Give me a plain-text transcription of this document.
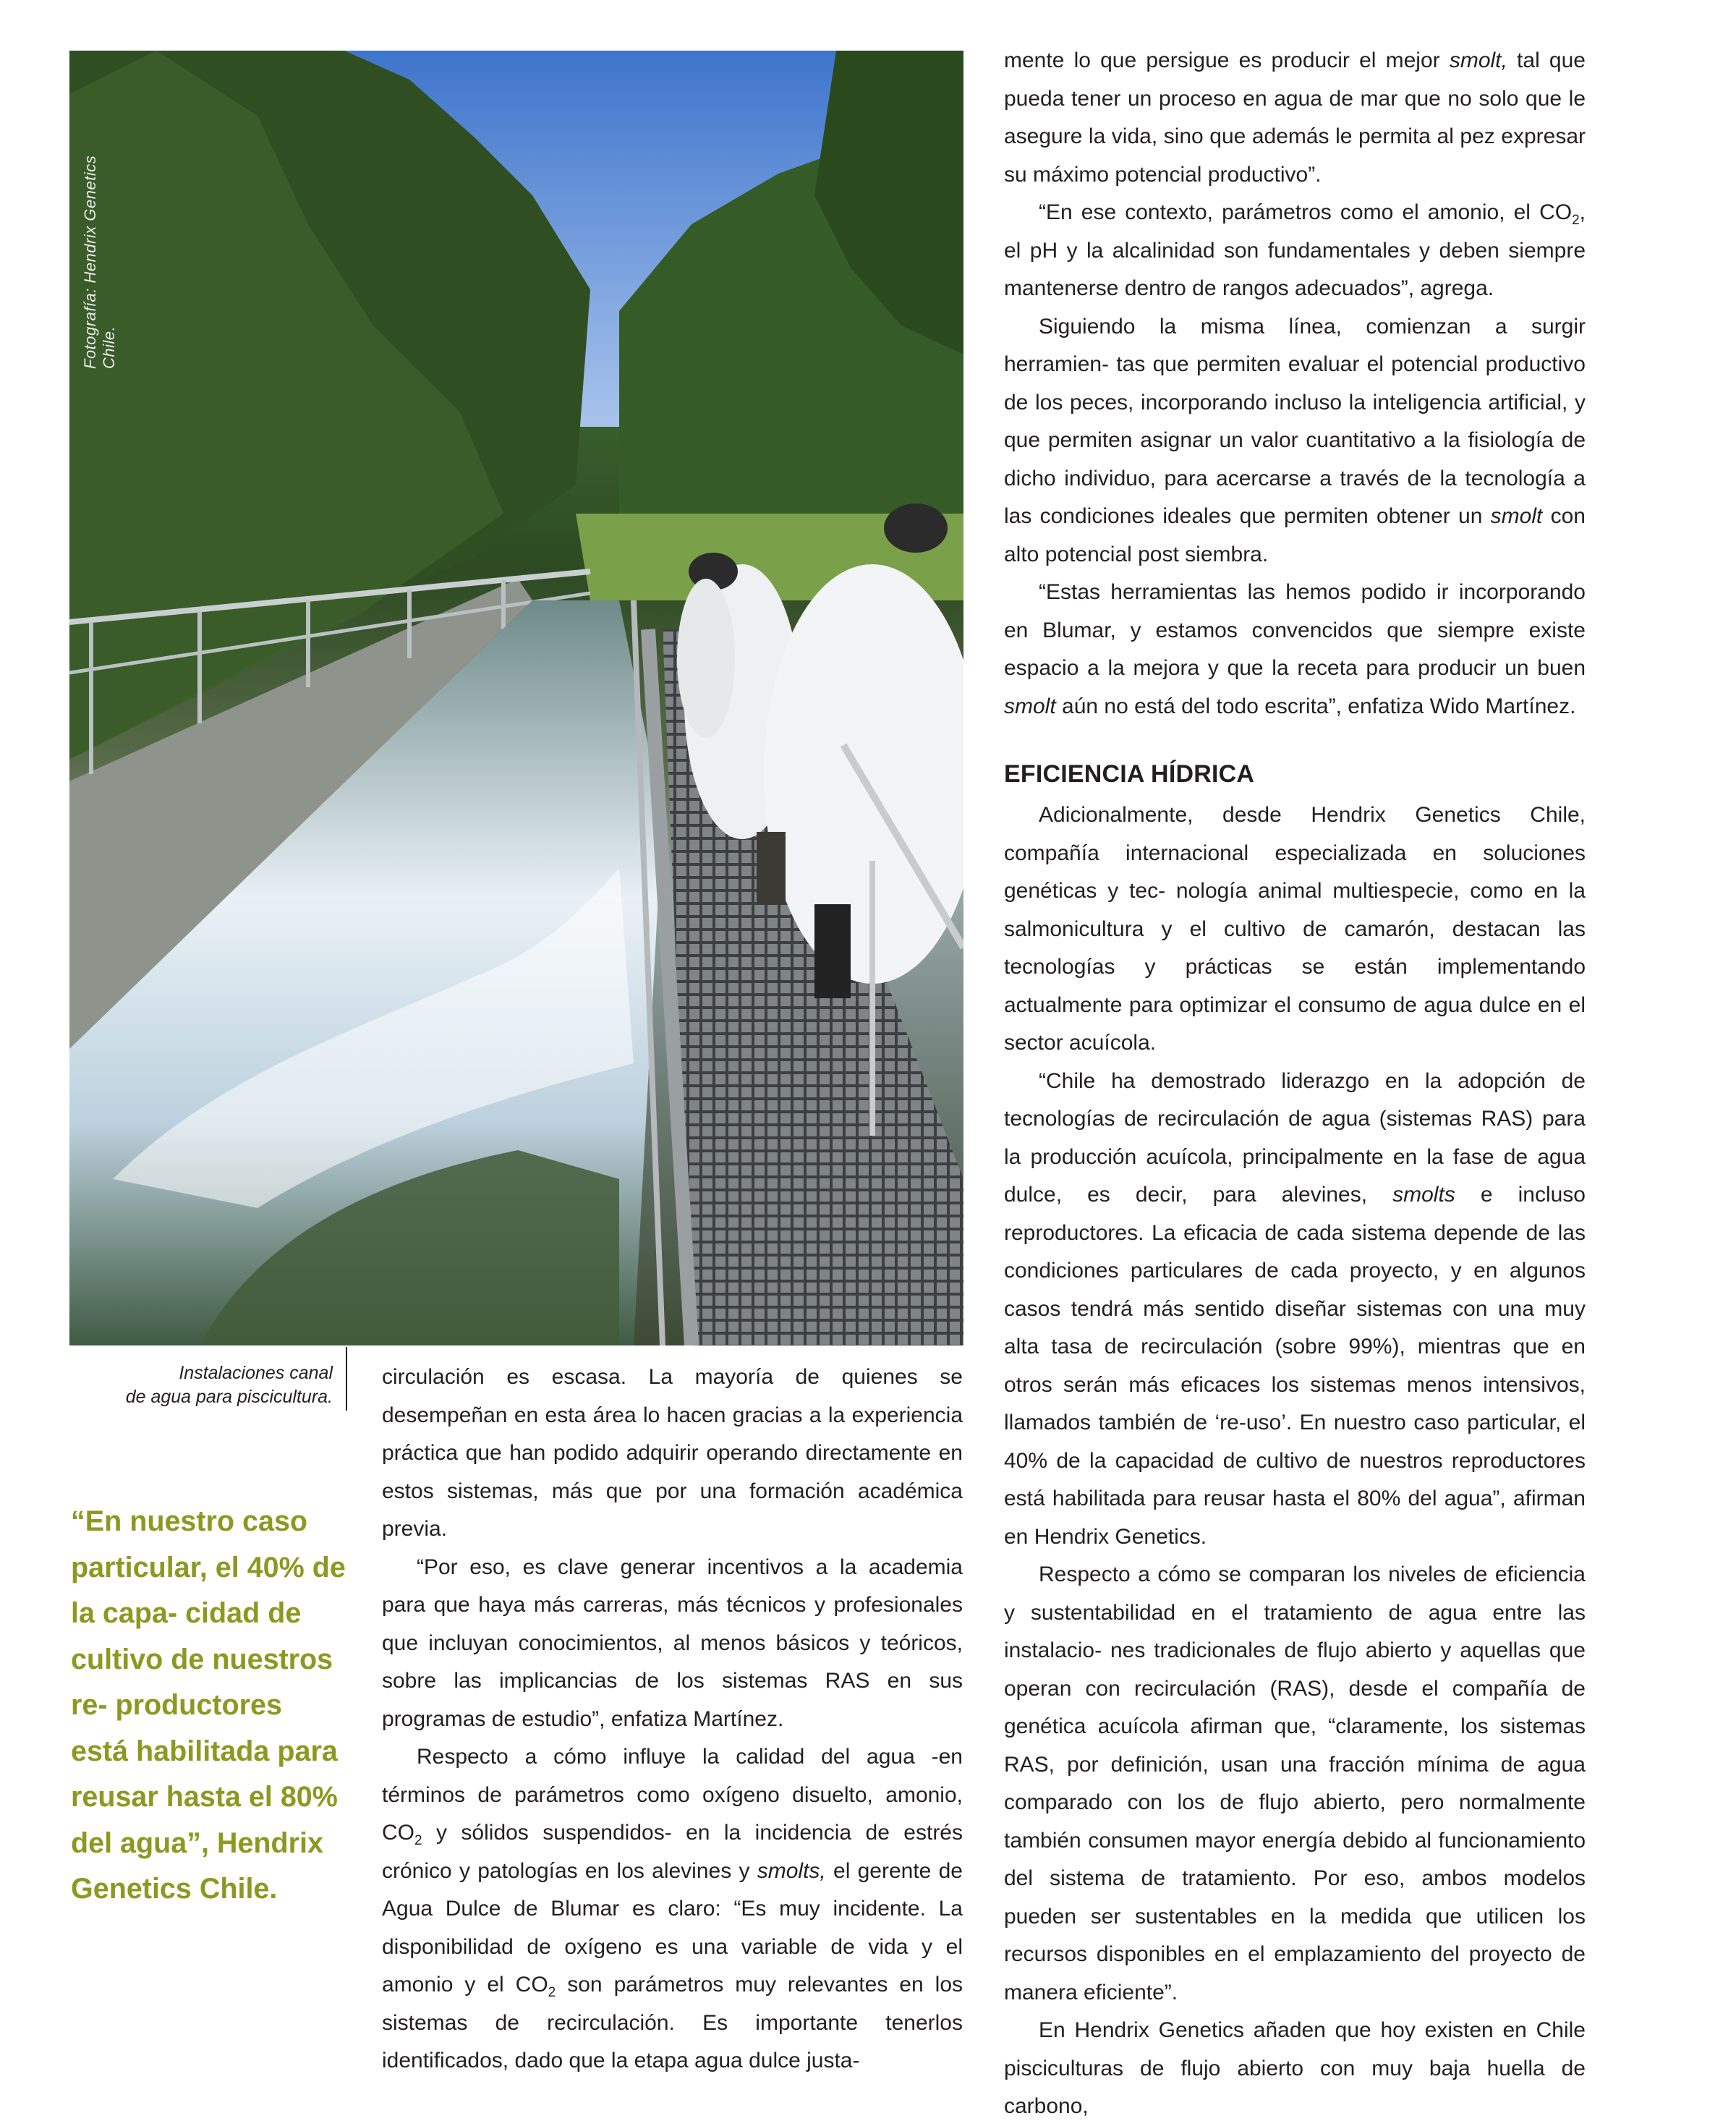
Fotografía: Hendrix Genetics Chile.
Instalaciones canal
de agua para piscicultura.
“En nuestro caso particular, el 40% de la capa- cidad de cultivo de nuestros re- productores está habilitada para reusar hasta el 80% del agua”, Hendrix Genetics Chile.

circulación es escasa. La mayoría de quienes se desempeñan en esta área lo hacen gracias a la experiencia práctica que han podido adquirir operando directamente en estos sistemas, más que por una formación académica previa.

“Por eso, es clave generar incentivos a la academia para que haya más carreras, más técnicos y profesionales que incluyan conocimientos, al menos básicos y teóricos, sobre las implicancias de los sistemas RAS en sus programas de estudio”, enfatiza Martínez.

Respecto a cómo influye la calidad del agua -en términos de parámetros como oxígeno disuelto, amonio, $CO_2$ y sólidos suspendidos- en la incidencia de estrés crónico y patologías en los alevines y smolts, el gerente de Agua Dulce de Blumar es claro: “Es muy incidente. La disponibilidad de oxígeno es una variable de vida y el amonio y el $CO_2$ son parámetros muy relevantes en los sistemas de recirculación. Es importante tenerlos identificados, dado que la etapa agua dulce justa-

mente lo que persigue es producir el mejor smolt, tal que pueda tener un proceso en agua de mar que no solo que le asegure la vida, sino que además le permita al pez expresar su máximo potencial productivo”.

“En ese contexto, parámetros como el amonio, el $CO_2$, el pH y la alcalinidad son fundamentales y deben siempre mantenerse dentro de rangos adecuados”, agrega.

Siguiendo la misma línea, comienzan a surgir herramien- tas que permiten evaluar el potencial productivo de los peces, incorporando incluso la inteligencia artificial, y que permiten asignar un valor cuantitativo a la fisiología de dicho individuo, para acercarse a través de la tecnología a las condiciones ideales que permiten obtener un smolt con alto potencial post siembra.

“Estas herramientas las hemos podido ir incorporando en Blumar, y estamos convencidos que siempre existe espacio a la mejora y que la receta para producir un buen smolt aún no está del todo escrita”, enfatiza Wido Martínez.

EFICIENCIA HÍDRICA

Adicionalmente, desde Hendrix Genetics Chile, compañía internacional especializada en soluciones genéticas y tec- nología animal multiespecie, como en la salmonicultura y el cultivo de camarón, destacan las tecnologías y prácticas se están implementando actualmente para optimizar el consumo de agua dulce en el sector acuícola.

“Chile ha demostrado liderazgo en la adopción de tecnologías de recirculación de agua (sistemas RAS) para la producción acuícola, principalmente en la fase de agua dulce, es decir, para alevines, smolts e incluso reproductores. La eficacia de cada sistema depende de las condiciones particulares de cada proyecto, y en algunos casos tendrá más sentido diseñar sistemas con una muy alta tasa de recirculación (sobre 99%), mientras que en otros serán más eficaces los sistemas menos intensivos, llamados también de ‘re-uso’. En nuestro caso particular, el 40% de la capacidad de cultivo de nuestros reproductores está habilitada para reusar hasta el 80% del agua”, afirman en Hendrix Genetics.

Respecto a cómo se comparan los niveles de eficiencia y sustentabilidad en el tratamiento de agua entre las instalacio- nes tradicionales de flujo abierto y aquellas que operan con recirculación (RAS), desde el compañía de genética acuícola afirman que, “claramente, los sistemas RAS, por definición, usan una fracción mínima de agua comparado con los de flujo abierto, pero normalmente también consumen mayor energía debido al funcionamiento del sistema de tratamiento. Por eso, ambos modelos pueden ser sustentables en la medida que utilicen los recursos disponibles en el emplazamiento del proyecto de manera eficiente”.

En Hendrix Genetics añaden que hoy existen en Chile pisciculturas de flujo abierto con muy baja huella de carbono,
